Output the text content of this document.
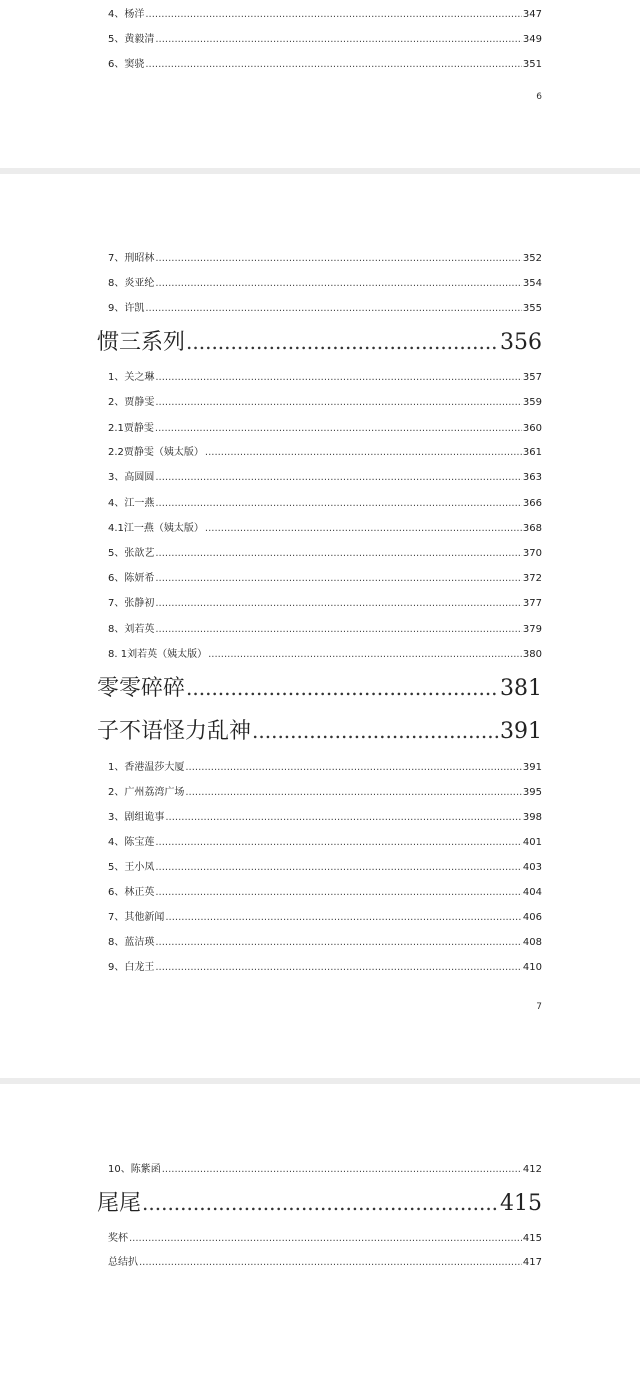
4、杨洋 .....	347
5、黄毅清 .....	349
6、窦骁 .....	351
6
7、刑昭林 .....	352
8、炎亚纶 .....	354
9、许凯 .....	355
惯三系列 .....	356
1、关之琳 .....	357
2、贾静雯 .....	359
2.1贾静雯 .....	360
2.2贾静雯（姨太版） .....	361
3、高圆圆 .....	363
4、江一燕 .....	366
4.1江一燕（姨太版） .....	368
5、张歆艺 .....	370
6、陈妍希 .....	372
7、张静初 .....	377
8、刘若英 .....	379
8. 1刘若英（姨太版） .....	380
零零碎碎 .....	381
子不语怪力乱神 .....	391
1、香港温莎大厦 .....	391
2、广州荔湾广场 .....	395
3、剧组诡事 .....	398
4、陈宝莲 .....	401
5、王小凤 .....	403
6、林正英 .....	404
7、其他新闻 .....	406
8、蓝洁瑛 .....	408
9、白龙王 .....	410
7
10、陈紫函 .....	412
尾尾 .....	415
奖杯 .....	415
总结扒 .....	417
